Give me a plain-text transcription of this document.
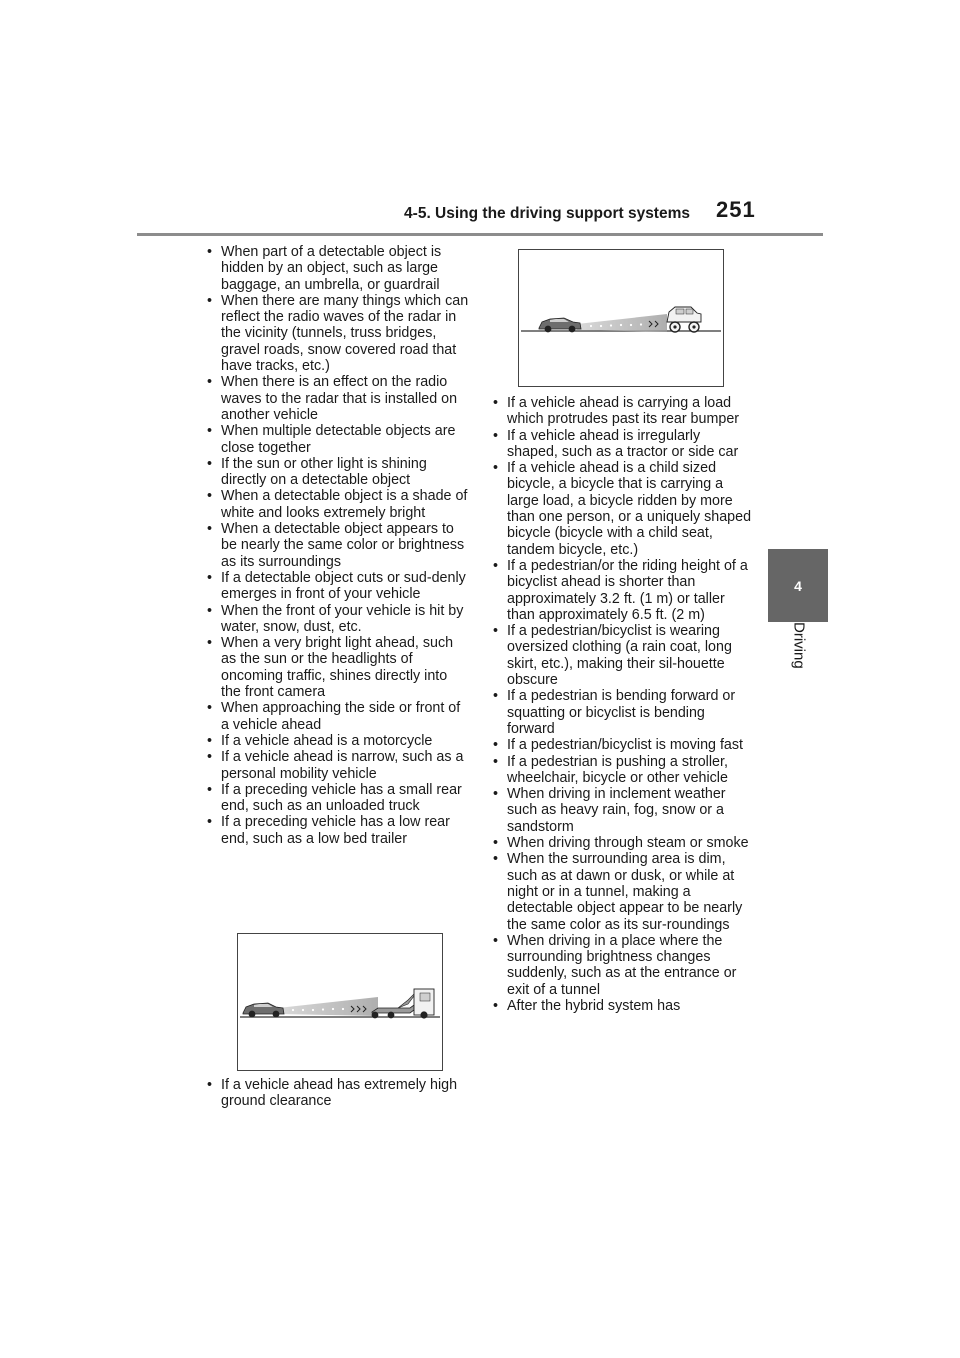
4-5. Using the driving support systems 251
4
Driving
• When part of a detectable object is hidden by an object, such as large baggage, an umbrella, or guardrail
• When there are many things which can reflect the radio waves of the radar in the vicinity (tunnels, truss bridges, gravel roads, snow covered road that have tracks, etc.)
• When there is an effect on the radio waves to the radar that is installed on another vehicle
• When multiple detectable objects are close together
• If the sun or other light is shining directly on a detectable object
• When a detectable object is a shade of white and looks extremely bright
• When a detectable object appears to be nearly the same color or brightness as its surroundings
• If a detectable object cuts or sud-denly emerges in front of your vehicle
• When the front of your vehicle is hit by water, snow, dust, etc.
• When a very bright light ahead, such as the sun or the headlights of oncoming traffic, shines directly into the front camera
• When approaching the side or front of a vehicle ahead
• If a vehicle ahead is a motorcycle
• If a vehicle ahead is narrow, such as a personal mobility vehicle
• If a preceding vehicle has a small rear end, such as an unloaded truck
• If a preceding vehicle has a low rear end, such as a low bed trailer
• If a vehicle ahead has extremely high ground clearance
• If a vehicle ahead is carrying a load which protrudes past its rear bumper
• If a vehicle ahead is irregularly shaped, such as a tractor or side car
• If a vehicle ahead is a child sized bicycle, a bicycle that is carrying a large load, a bicycle ridden by more than one person, or a uniquely shaped bicycle (bicycle with a child seat, tandem bicycle, etc.)
• If a pedestrian/or the riding height of a bicyclist ahead is shorter than approximately 3.2 ft. (1 m) or taller than approximately 6.5 ft. (2 m)
• If a pedestrian/bicyclist is wearing oversized clothing (a rain coat, long skirt, etc.), making their sil-houette obscure
• If a pedestrian is bending forward or squatting or bicyclist is bending forward
• If a pedestrian/bicyclist is moving fast
• If a pedestrian is pushing a stroller, wheelchair, bicycle or other vehicle
• When driving in inclement weather such as heavy rain, fog, snow or a sandstorm
• When driving through steam or smoke
• When the surrounding area is dim, such as at dawn or dusk, or while at night or in a tunnel, making a detectable object appear to be nearly the same color as its sur-roundings
• When driving in a place where the surrounding brightness changes suddenly, such as at the entrance or exit of a tunnel
• After the hybrid system has
